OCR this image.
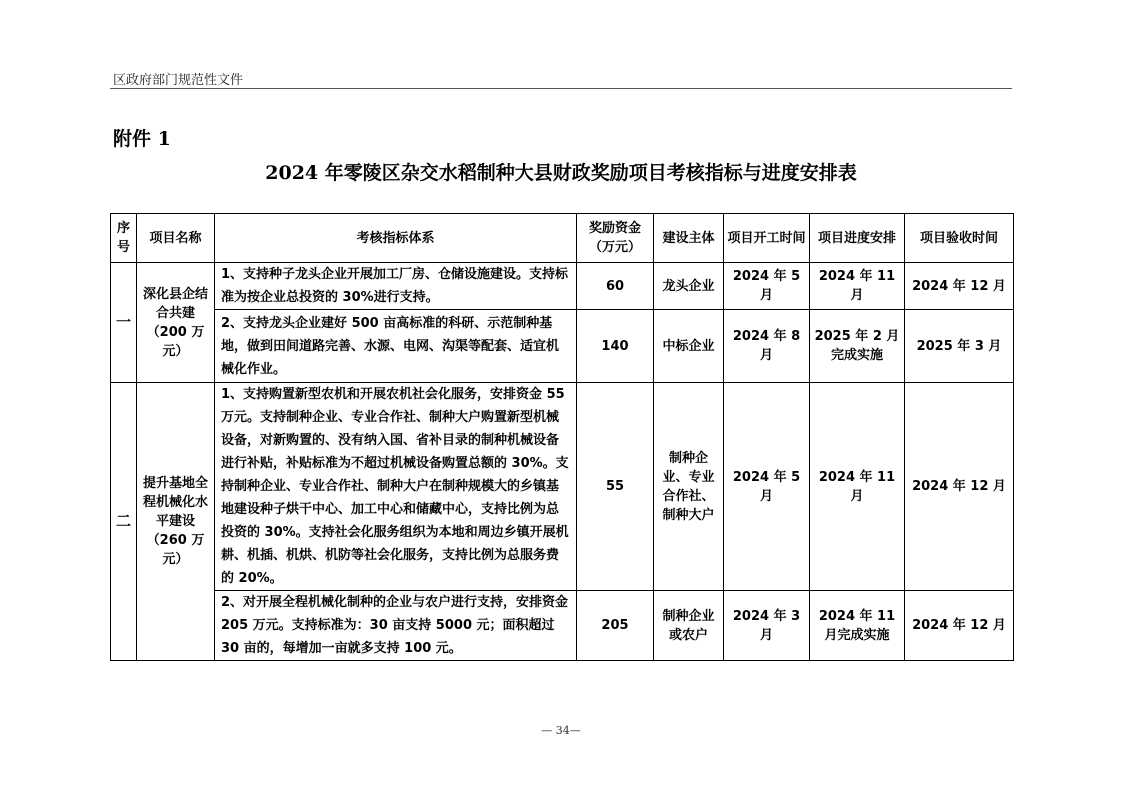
区政府部门规范性文件
附件 1
2024 年零陵区杂交水稻制种大县财政奖励项目考核指标与进度安排表
序号	项目名称	考核指标体系	奖励资金（万元）	建设主体	项目开工时间	项目进度安排	项目验收时间
一	深化县企结合共建（200 万元）	1、支持种子龙头企业开展加工厂房、仓储设施建设。支持标准为按企业总投资的 30%进行支持。	60	龙头企业	2024 年 5 月	2024 年 11 月	2024 年 12 月
		2、支持龙头企业建好 500 亩高标准的科研、示范制种基地，做到田间道路完善、水源、电网、沟渠等配套、适宜机械化作业。	140	中标企业	2024 年 8 月	2025 年 2 月完成实施	2025 年 3 月
二	提升基地全程机械化水平建设（260 万元）	1、支持购置新型农机和开展农机社会化服务，安排资金 55 万元。支持制种企业、专业合作社、制种大户购置新型机械设备，对新购置的、没有纳入国、省补目录的制种机械设备进行补贴，补贴标准为不超过机械设备购置总额的 30%。支持制种企业、专业合作社、制种大户在制种规模大的乡镇基地建设种子烘干中心、加工中心和储藏中心，支持比例为总投资的 30%。支持社会化服务组织为本地和周边乡镇开展机耕、机插、机烘、机防等社会化服务，支持比例为总服务费的 20%。	55	制种企业、专业合作社、制种大户	2024 年 5 月	2024 年 11 月	2024 年 12 月
		2、对开展全程机械化制种的企业与农户进行支持，安排资金 205 万元。支持标准为：30 亩支持 5000 元；面积超过 30 亩的，每增加一亩就多支持 100 元。	205	制种企业或农户	2024 年 3 月	2024 年 11 月完成实施	2024 年 12 月
— 34—
